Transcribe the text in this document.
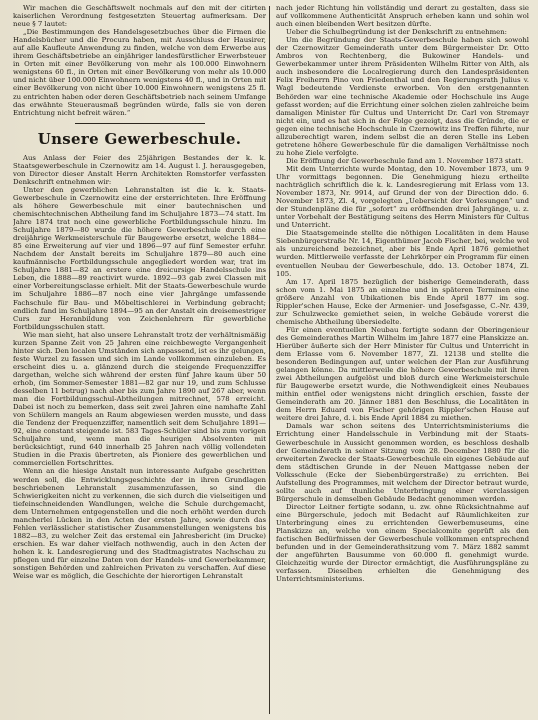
Wir machen die Geschäftswelt nochmals auf den mit der citirten kaiserlichen Verordnung festgesetzten Steuertag aufmerksam. Der neue § 7 lautet:

„Die Bestimmungen des Handelsgesetzbuches über die Firmen die Handelsbücher und die Procura haben, mit Ausschluss der Hausirer, auf alle Kaufleute Anwendung zu finden, welche von dem Erwerbe aus ihrem Geschäftsbetriebe an einjähriger landesfürstlicher Erwerbsteuer in Orten mit einer Bevölkerung von mehr als 100.000 Einwohnern wenigstens 60 fl., in Orten mit einer Bevölkerung von mehr als 10.000 und nicht über 100.000 Einwohnern wenigstens 40 fl., und in Orten mit einer Bevölkerung von nicht über 10.000 Einwohnern wenigstens 25 fl. zu entrichten haben oder deren Geschäftsbetrieb nach seinem Umfange das erwähnte Steuerausmaß begründen würde, falls sie von deren Entrichtung nicht befreit wären.“

Unsere Gewerbeschule.

Aus Anlass der Feier des 25jährigen Bestandes der k. k. Staatsgewerbeschule in Czernowitz am 14. August l. J. herausgegeben, von Director dieser Anstalt Herrn Architekten Romstorfer verfassten Denkschrift entnehmen wir:

Unter den gewerblichen Lehranstalten ist die k. k. Staats-Gewerbeschule in Czernowitz eine der ersterrichteten. Ihre Eröffnung als höhere Gewerbeschule mit einer bautechnischen und chemischtechnischen Abtheilung fand im Schuljahre 1873—74 statt. Im Jahre 1874 trat noch eine gewerbliche Fortbildungsschule hinzu. Im Schuljahre 1879—80 wurde die höhere Gewerbeschule durch eine dreijährige Werkmeisterschule für Baugewerbe ersetzt, welche 1884—85 eine Erweiterung auf vier und 1896—97 auf fünf Semester erfuhr. Nachdem der Anstalt bereits im Schuljahre 1879—80 auch eine kaufmännische Fortbildungsschule angegliedert worden war, trat im Schuljahre 1881—82 an erstere eine dreicursige Handelsschule ins Leben, die 1888—89 reactivirt wurde. 1892—93 gab zwei Classen mit einer Vorbereitungsclasse erhielt. Mit der Staats-Gewerbeschule wurde im Schuljahre 1886—87 noch eine vier Jahrgänge umfassende Fachschule für Bau- und Möbeltischlerei in Verbindung gebracht; endlich fand im Schuljahre 1894—95 an der Anstalt ein dreisemestriger Curs zur Heranbildung von Zeichenlehrern für gewerbliche Fortbildungsschulen statt.

Wie man sieht, hat also unsere Lehranstalt trotz der verhältnismäßig kurzen Spanne Zeit von 25 Jahren eine reichbewegte Vergangenheit hinter sich. Den localen Umständen sich anpassend, ist es ihr gelungen, feste Wurzel zu fassen und sich im Lande vollkommen einzuleben. Es erscheint dies u. a. glänzend durch die steigende Frequenzziffer dargethan, welche sich während der ersten fünf Jahre kaum über 50 erhob, (im Sommer-Semester 1881—82 gar nur 19, und zum Schlusse desselben 11 betrug) nach aber bis zum Jahre 1890 auf 267 aber, wenn man die Fortbildungsschul-Abtheilungen mitrechnet, 578 erreicht. Dabei ist noch zu bemerken, dass seit zwei Jahren eine namhafte Zahl von Schülern mangels an Raum abgewiesen werden musste, und dass die Tendenz der Frequenzziffer, namentlich seit dem Schuljahre 1891—92, eine constant steigende ist. 583 Tages-Schüler sind bis zum vorigen Schuljahre und, wenn man die heurigen Absolventen mit berücksichtigt, rund 640 innerhalb 25 Jahren nach völlig vollendeten Studien in die Praxis übertreten, als Pioniere des gewerblichen und commerciellen Fortschrittes.

Wenn an die hiesige Anstalt nun interessante Aufgabe geschritten werden soll, die Entwicklungsgeschichte der in ihren Grundlagen beschriebenen Lehranstalt zusammenzufassen, so sind die Schwierigkeiten nicht zu verkennen, die sich durch die vielseitigen und tiefeinschneidenden Wandlungen, welche die Schule durchgemacht, dem Unternehmen entgegenstellen und die noch erhöht werden durch mancherlei Lücken in den Acten der ersten Jahre, sowie durch das Fehlen verlässlicher statistischer Zusammenstellungen wenigstens bis 1882—83, zu welcher Zeit das erstemal ein Jahresbericht (im Drucke) erschien. Es war daher vielfach nothwendig, auch in den Acten der hohen k. k. Landesregierung und des Stadtmagistrates Nachschau zu pflegen und für einzelne Daten von der Handels- und Gewerbekammer, sonstigen Behörden und zahlreichen Privaten zu verschaffen. Auf diese Weise war es möglich, die Geschichte der hierortigen Lehranstalt

nach jeder Richtung hin vollständig und derart zu gestalten, dass sie auf vollkommene Authenticität Anspruch erheben kann und sohin wol auch einen bleibenden Wert besitzen dürfte.

Ueber die Schulbegründung ist der Denkschrift zu entnehmen:

Um die Begründung der Staats-Gewerbeschule haben sich sowohl der Czernowitzer Gemeinderath unter dem Bürgermeister Dr. Otto Ambros von Rechtenberg, die Bukowiner Handels- und Gewerbekammer unter ihrem Präsidenten Wilhelm Ritter von Alth, als auch insbesondere die Localregierung durch den Landespräsidenten Felix Freiherrn Pino von Friedenthal und den Regierungsrath Julius v. Wagl bedeutende Verdienste erworben. Von den erstgenannten Behörden war eine technische Akademie oder Hochschule ins Auge gefasst worden; auf die Errichtung einer solchen zielen zahlreiche beim damaligen Minister für Cultus und Unterricht Dr. Carl von Stremayr nicht ein, und es hat sich in der Folge gezeigt, dass die Gründe, die er gegen eine technische Hochschule in Czernowitz ins Treffen führte, nur allzuberechtigt waren, indem selbst die an deren Stelle ins Leben getretene höhere Gewerbeschule für die damaligen Verhältnisse noch zu hohe Ziele verfolgte.

Die Eröffnung der Gewerbeschule fand am 1. November 1873 statt.

Mit dem Unterrichte wurde Montag, den 10. November 1873, um 9 Uhr vormittags begonnen. Die Genehmigung hiezu ertheilte nachträglich schriftlich die k. k. Landesregierung mit Erlass vom 13. November 1873, Nr. 9914, auf Grund der von der Direction ddo. 6. November 1873, Zl. 4, vorgelegten „Uebersicht der Vorlesungen“ und der Stundenpläne die für „sofort“ zu eröffnenden drei Jahrgänge, u. z. unter Vorbehalt der Bestätigung seitens des Herrn Ministers für Cultus und Unterricht.

Die Staatsgemeinde stellte die nöthigen Localitäten in dem Hause Siebenbürgerstraße Nr. 14, Eigenthümer Jacob Fischer, bei, welche wol als unzureichend bezeichnet, aber bis Ende April 1876 gemiethet wurden. Mittlerweile verfasste der Lehrkörper ein Programm für einen eventuellen Neubau der Gewerbeschule, ddo. 13. October 1874, Zl. 105.

Am 17. April 1875 bezüglich der bisherige Gemeinderath, dass schon vom 1. Mai 1875 an einzelne und in späteren Terminen eine größere Anzahl von Ubikationen bis Ende April 1877 im sog. Rippler'schen Hause, Ecke der Armenier- und Josefsgasse, C.-Nr. 439, zur Schulzwecke gemiethet seien, in welche Gebäude vorerst die chemische Abtheilung übersiedelte.

Für einen eventuellen Neubau fertigte sodann der Oberingenieur des Gemeinderathes Martin Wilhelm im Jahre 1877 eine Planskizze an. Hierüber äußerte sich der Herr Minister für Cultus und Unterricht in dem Erlasse vom 6. November 1877, Zl. 12138 und stellte die besonderen Bedingungen auf, unter welchen der Plan zur Ausführung gelangen könne. Da mittlerweile die höhere Gewerbeschule mit ihren zwei Abtheilungen aufgelöst und bloß durch eine Werkmeisterschule für Baugewerbe ersetzt wurde, die Nothwendigkeit eines Neubaues mithin entfiel oder wenigstens nicht dringlich erschien, fasste der Gemeinderath am 20. Jänner 1881 den Beschluss, die Localitäten in dem Herrn Eduard von Fischer gehörigen Rippler'schen Hause auf weitere drei Jahre, d. i. bis Ende April 1884 zu miethen.

Damals war schon seitens des Unterrichtsministeriums die Errichtung einer Handelsschule in Verbindung mit der Staats-Gewerbeschule in Aussicht genommen worden, es beschloss deshalb der Gemeinderath in seiner Sitzung vom 28. December 1880 für die erweiterten Zwecke der Staats-Gewerbeschule ein eigenes Gebäude auf dem städtischen Grunde in der Neuen Mattgasse neben der Volksschule (Ecke der Siebenbürgerstraße) zu errichten. Bei Aufstellung des Programmes, mit welchem der Director betraut wurde, sollte auch auf thunliche Unterbringung einer vierclassigen Bürgerschule in demselben Gebäude Bedacht genommen werden.

Director Leitner fertigte sodann, u. zw. ohne Rücksichtnahme auf eine Bürgerschule, jedoch mit Bedacht auf Räumlichkeiten zur Unterbringung eines zu errichtenden Gewerbemuseums, eine Planskizze an, welche von einem Specialcomite geprüft als den factischen Bedürfnissen der Gewerbeschule vollkommen entsprechend befunden und in der Gemeinderathsitzung vom 7. März 1882 sammt der angeführten Bausumme von 60.000 fl. genehmigt wurde. Gleichzeitig wurde der Director ermächtigt, die Ausführungspläne zu verfassen. Dieselben erhielten die Genehmigung des Unterrichtsministeriums.
